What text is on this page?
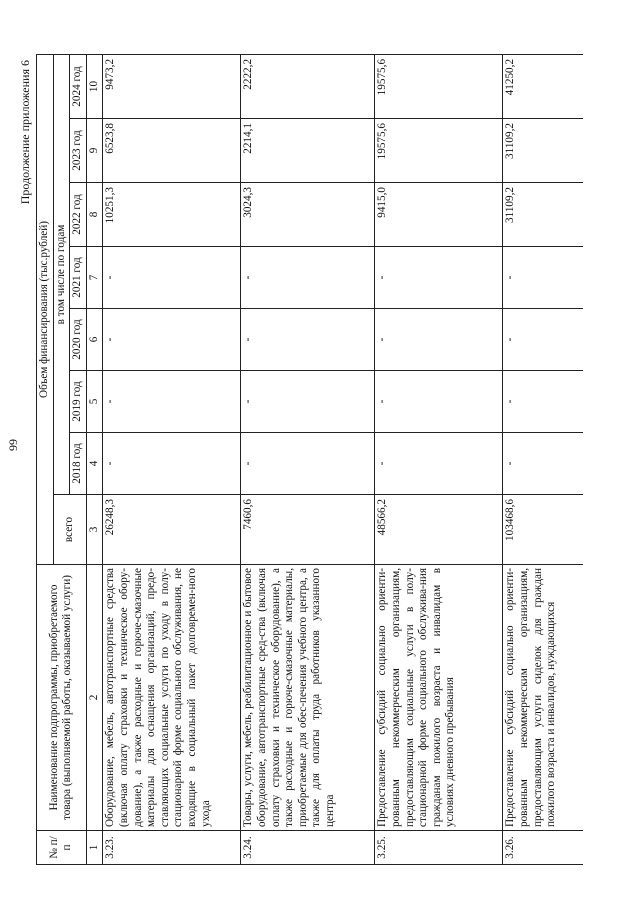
99
Продолжение приложения 6
№ п/п	Наименование подпрограммы, приобретаемого товара (выполняемой работы, оказываемой услуги)	Объем финансирования (тыс.рублей)							
		всего	в том числе по годам						
			2018 год	2019 год	2020 год	2021 год	2022 год	2023 год	2024 год
1	2	3	4	5	6	7	8	9	10
3.23.	Оборудование, мебель, автотранспортные средства (включая оплату страховки и техническое обору-дование), а также расходные и горюче-смазочные материалы для оснащения организаций, предо-ставляющих социальные услуги по уходу в полу-стационарной форме социального обслуживания, не входящие в социальный пакет долговремен-ного ухода	26248,3	-	-	-	-	10251,3	6523,8	9473,2
3.24.	Товары, услуги, мебель, реабилитационное и бытовое оборудование, автотранспортные сред-ства (включая оплату страховки и техническое оборудование), а также расходные и горюче-смазочные материалы, приобретаемые для обес-печения учебного центра, а также для оплаты труда работников указанного центра	7460,6	-	-	-	-	3024,3	2214,1	2222,2
3.25.	Предоставление субсидий социально ориенти-рованным некоммерческим организациям, предоставляющим социальные услуги в полу-стационарной форме социального обслужива-ния гражданам пожилого возраста и инвалидам в условиях дневного пребывания	48566,2	-	-	-	-	9415,0	19575,6	19575,6
3.26.	Предоставление субсидий социально ориенти-рованным некоммерческим организациям, предоставляющим услуги сиделок для граждан пожилого возраста и инвалидов, нуждающихся	103468,6	-	-	-	-	31109,2	31109,2	41250,2
